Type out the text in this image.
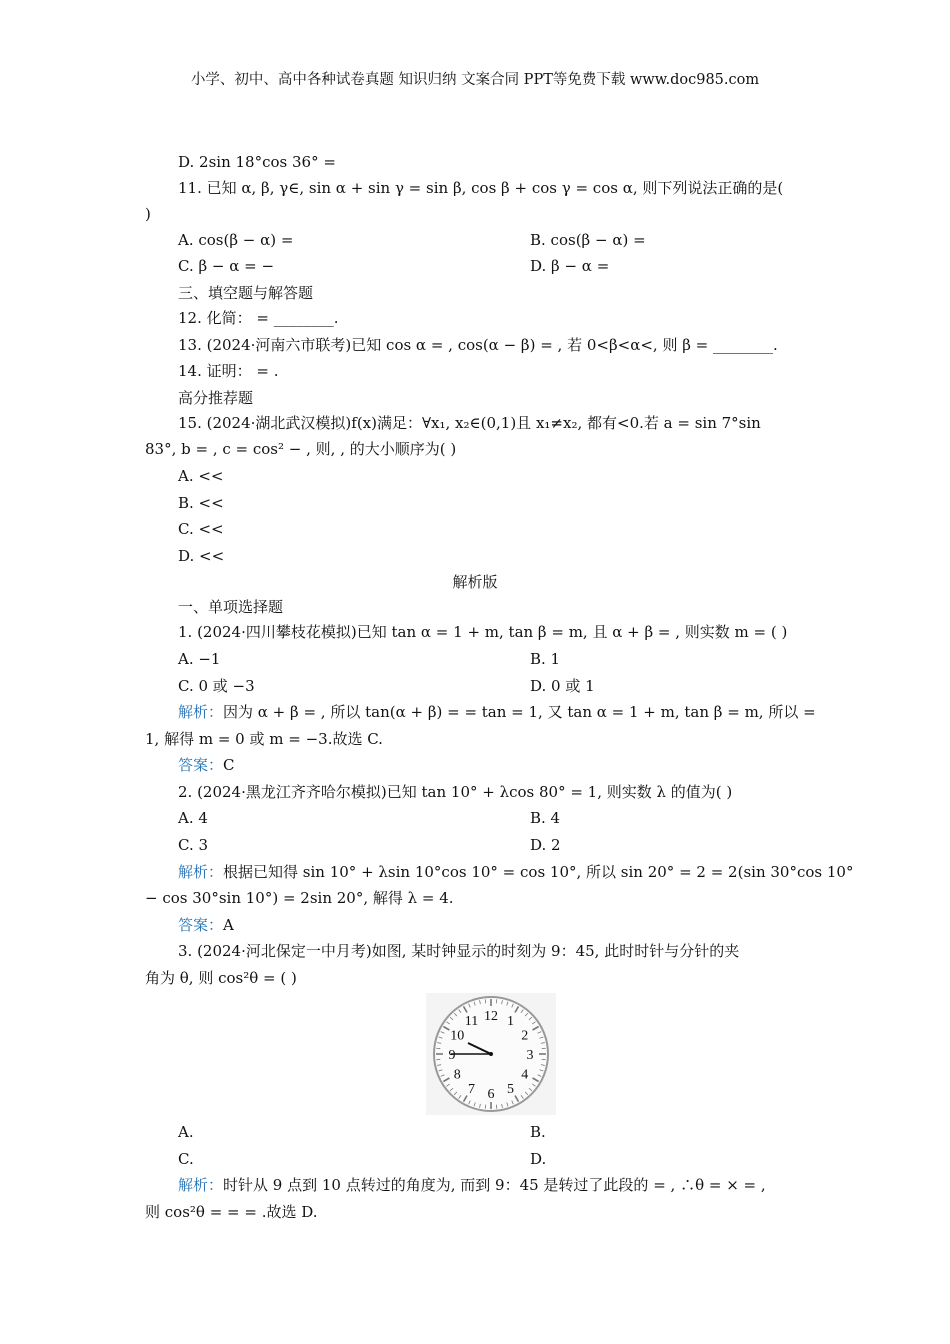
小学、初中、高中各种试卷真题 知识归纳 文案合同 PPT等免费下载 www.doc985.com
D. 2sin 18°cos 36° =
11. 已知 α, β, γ∈, sin α + sin γ = sin β, cos β + cos γ = cos α, 则下列说法正确的是(
)
A. cos(β − α) =	B. cos(β − α) =
C. β − α = −	D. β − α =
三、填空题与解答题
12. 化简： = ________.
13. (2024·河南六市联考)已知 cos α = , cos(α − β) = , 若 0<β<α<, 则 β = ________.
14. 证明： = .
高分推荐题
15. (2024·湖北武汉模拟)f(x)满足：∀x₁, x₂∈(0,1)且 x₁≠x₂, 都有<0.若 a = sin 7°sin
83°, b = , c = cos² − , 则, , 的大小顺序为( )
A. <<
B. <<
C. <<
D. <<
解析版
一、单项选择题
1. (2024·四川攀枝花模拟)已知 tan α = 1 + m, tan β = m, 且 α + β = , 则实数 m = ( )
A. −1	B. 1
C. 0 或 −3	D. 0 或 1
解析：因为 α + β = , 所以 tan(α + β) = = tan = 1, 又 tan α = 1 + m, tan β = m, 所以 =
1, 解得 m = 0 或 m = −3.故选 C.
答案：C
2. (2024·黑龙江齐齐哈尔模拟)已知 tan 10° + λcos 80° = 1, 则实数 λ 的值为( )
A. 4	B. 4
C. 3	D. 2
解析：根据已知得 sin 10° + λsin 10°cos 10° = cos 10°, 所以 sin 20° = 2 = 2(sin 30°cos 10°
− cos 30°sin 10°) = 2sin 20°, 解得 λ = 4.
答案：A
3. (2024·河北保定一中月考)如图, 某时钟显示的时刻为 9：45, 此时时针与分针的夹
角为 θ, 则 cos²θ = ( )
12 1
2
3
4
5
6
7
8
9
10
11
A.	B.
C.	D.
解析：时针从 9 点到 10 点转过的角度为, 而到 9：45 是转过了此段的 = , ∴θ = × = ,
则 cos²θ = = = .故选 D.
